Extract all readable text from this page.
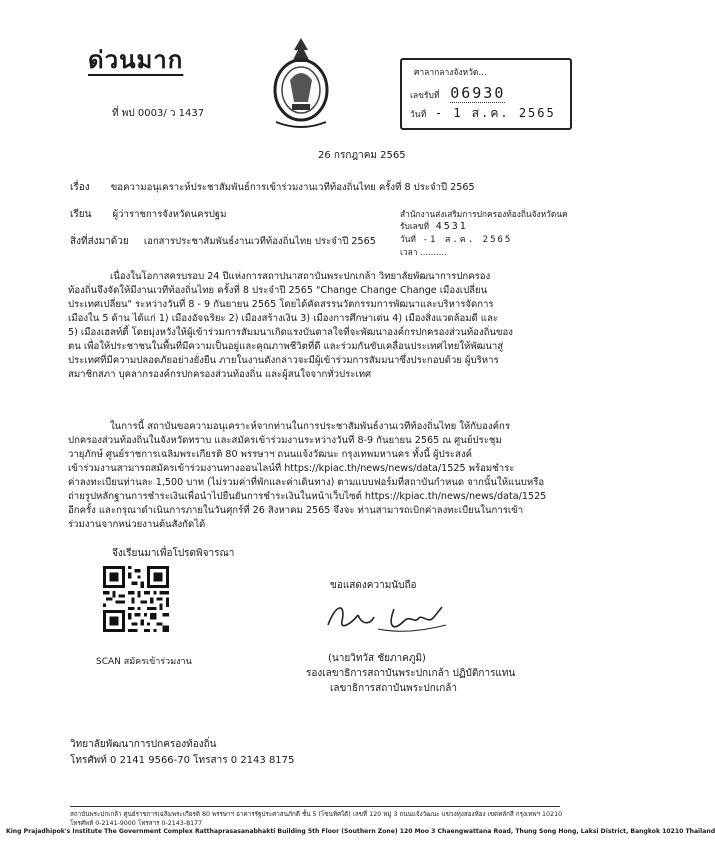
ด่วนมาก
ที่ พป 0003/ ว 1437
ศาลากลางจังหวัด...
เลขรับที่ 06930
วันที่ - 1 ส.ค. 2565
26 กรกฎาคม 2565
เรื่อง ขอความอนุเคราะห์ประชาสัมพันธ์การเข้าร่วมงานเวทีท้องถิ่นไทย ครั้งที่ 8 ประจำปี 2565
เรียน ผู้ว่าราชการจังหวัดนครปฐม
สิ่งที่ส่งมาด้วย เอกสารประชาสัมพันธ์งานเวทีท้องถิ่นไทย ประจำปี 2565
สำนักงานส่งเสริมการปกครองท้องถิ่นจังหวัดนค
รับเลขที่ 4531
วันที่ -1 ส.ค. 2565
เวลา ..........

เนื่องในโอกาสครบรอบ 24 ปีแห่งการสถาปนาสถาบันพระปกเกล้า วิทยาลัยพัฒนาการปกครอง

ท้องถิ่นจึงจัดให้มีงานเวทีท้องถิ่นไทย ครั้งที่ 8 ประจำปี 2565 "Change Change Change เมืองเปลี่ยน

ประเทศเปลี่ยน" ระหว่างวันที่ 8 - 9 กันยายน 2565 โดยได้คัดสรรนวัตกรรมการพัฒนาและบริหารจัดการ

เมืองใน 5 ด้าน ได้แก่ 1) เมืองอัจฉริยะ 2) เมืองสร้างเงิน 3) เมืองการศึกษาเด่น 4) เมืองสิ่งแวดล้อมดี และ

5) เมืองเฮลท์ตี้ โดยมุ่งหวังให้ผู้เข้าร่วมการสัมมนาเกิดแรงบันดาลใจที่จะพัฒนาองค์กรปกครองส่วนท้องถิ่นของ

ตน เพื่อให้ประชาชนในพื้นที่มีความเป็นอยู่และคุณภาพชีวิตที่ดี และร่วมกันขับเคลื่อนประเทศไทยให้พัฒนาสู่

ประเทศที่มีความปลอดภัยอย่างยั่งยืน ภายในงานดังกล่าวจะมีผู้เข้าร่วมการสัมมนาซึ่งประกอบด้วย ผู้บริหาร

สมาชิกสภา บุคลากรองค์กรปกครองส่วนท้องถิ่น และผู้สนใจจากทั่วประเทศ

ในการนี้ สถาบันขอความอนุเคราะห์จากท่านในการประชาสัมพันธ์งานเวทีท้องถิ่นไทย ให้กับองค์กร

ปกครองส่วนท้องถิ่นในจังหวัดทราบ และสมัครเข้าร่วมงานระหว่างวันที่ 8-9 กันยายน 2565 ณ ศูนย์ประชุม

วายุภักษ์ ศูนย์ราชการเฉลิมพระเกียรติ 80 พรรษาฯ ถนนแจ้งวัฒนะ กรุงเทพมหานคร ทั้งนี้ ผู้ประสงค์

เข้าร่วมงานสามารถสมัครเข้าร่วมงานทางออนไลน์ที่ https://kpiac.th/news/news/data/1525 พร้อมชำระ

ค่าลงทะเบียนท่านละ 1,500 บาท (ไม่รวมค่าที่พักและค่าเดินทาง) ตามแบบฟอร์มที่สถาบันกำหนด จากนั้นให้แนบหรือ

ถ่ายรูปหลักฐานการชำระเงินเพื่อนำไปยืนยันการชำระเงินในหน้าเว็บไซต์ https://kpiac.th/news/news/data/1525

อีกครั้ง และกรุณาดำเนินการภายในวันศุกร์ที่ 26 สิงหาคม 2565 จึงจะ ท่านสามารถเบิกค่าลงทะเบียนในการเข้า

ร่วมงานจากหน่วยงานต้นสังกัดได้

จึงเรียนมาเพื่อโปรดพิจารณา
SCAN สมัครเข้าร่วมงาน
ขอแสดงความนับถือ
(นายวิทวัส ชัยภาคภูมิ)
รองเลขาธิการสถาบันพระปกเกล้า ปฏิบัติการแทน
เลขาธิการสถาบันพระปกเกล้า
วิทยาลัยพัฒนาการปกครองท้องถิ่น
โทรศัพท์ 0 2141 9566-70 โทรสาร 0 2143 8175
สถาบันพระปกเกล้า ศูนย์ราชการเฉลิมพระเกียรติ 80 พรรษาฯ อาคารรัฐประศาสนภักดี ชั้น 5 (โซนทิศใต้) เลขที่ 120 หมู่ 3 ถนนแจ้งวัฒนะ แขวงทุ่งสองห้อง เขตหลักสี่ กรุงเทพฯ 10210
โทรศัพท์ 0-2141-9000 โทรสาร 0-2143-8177
King Prajadhipok's Institute The Government Complex Ratthaprasasanabhakti Building 5th Floor (Southern Zone) 120 Moo 3 Chaengwattana Road, Thung Song Hong, Laksi District, Bangkok 10210 Thailand
